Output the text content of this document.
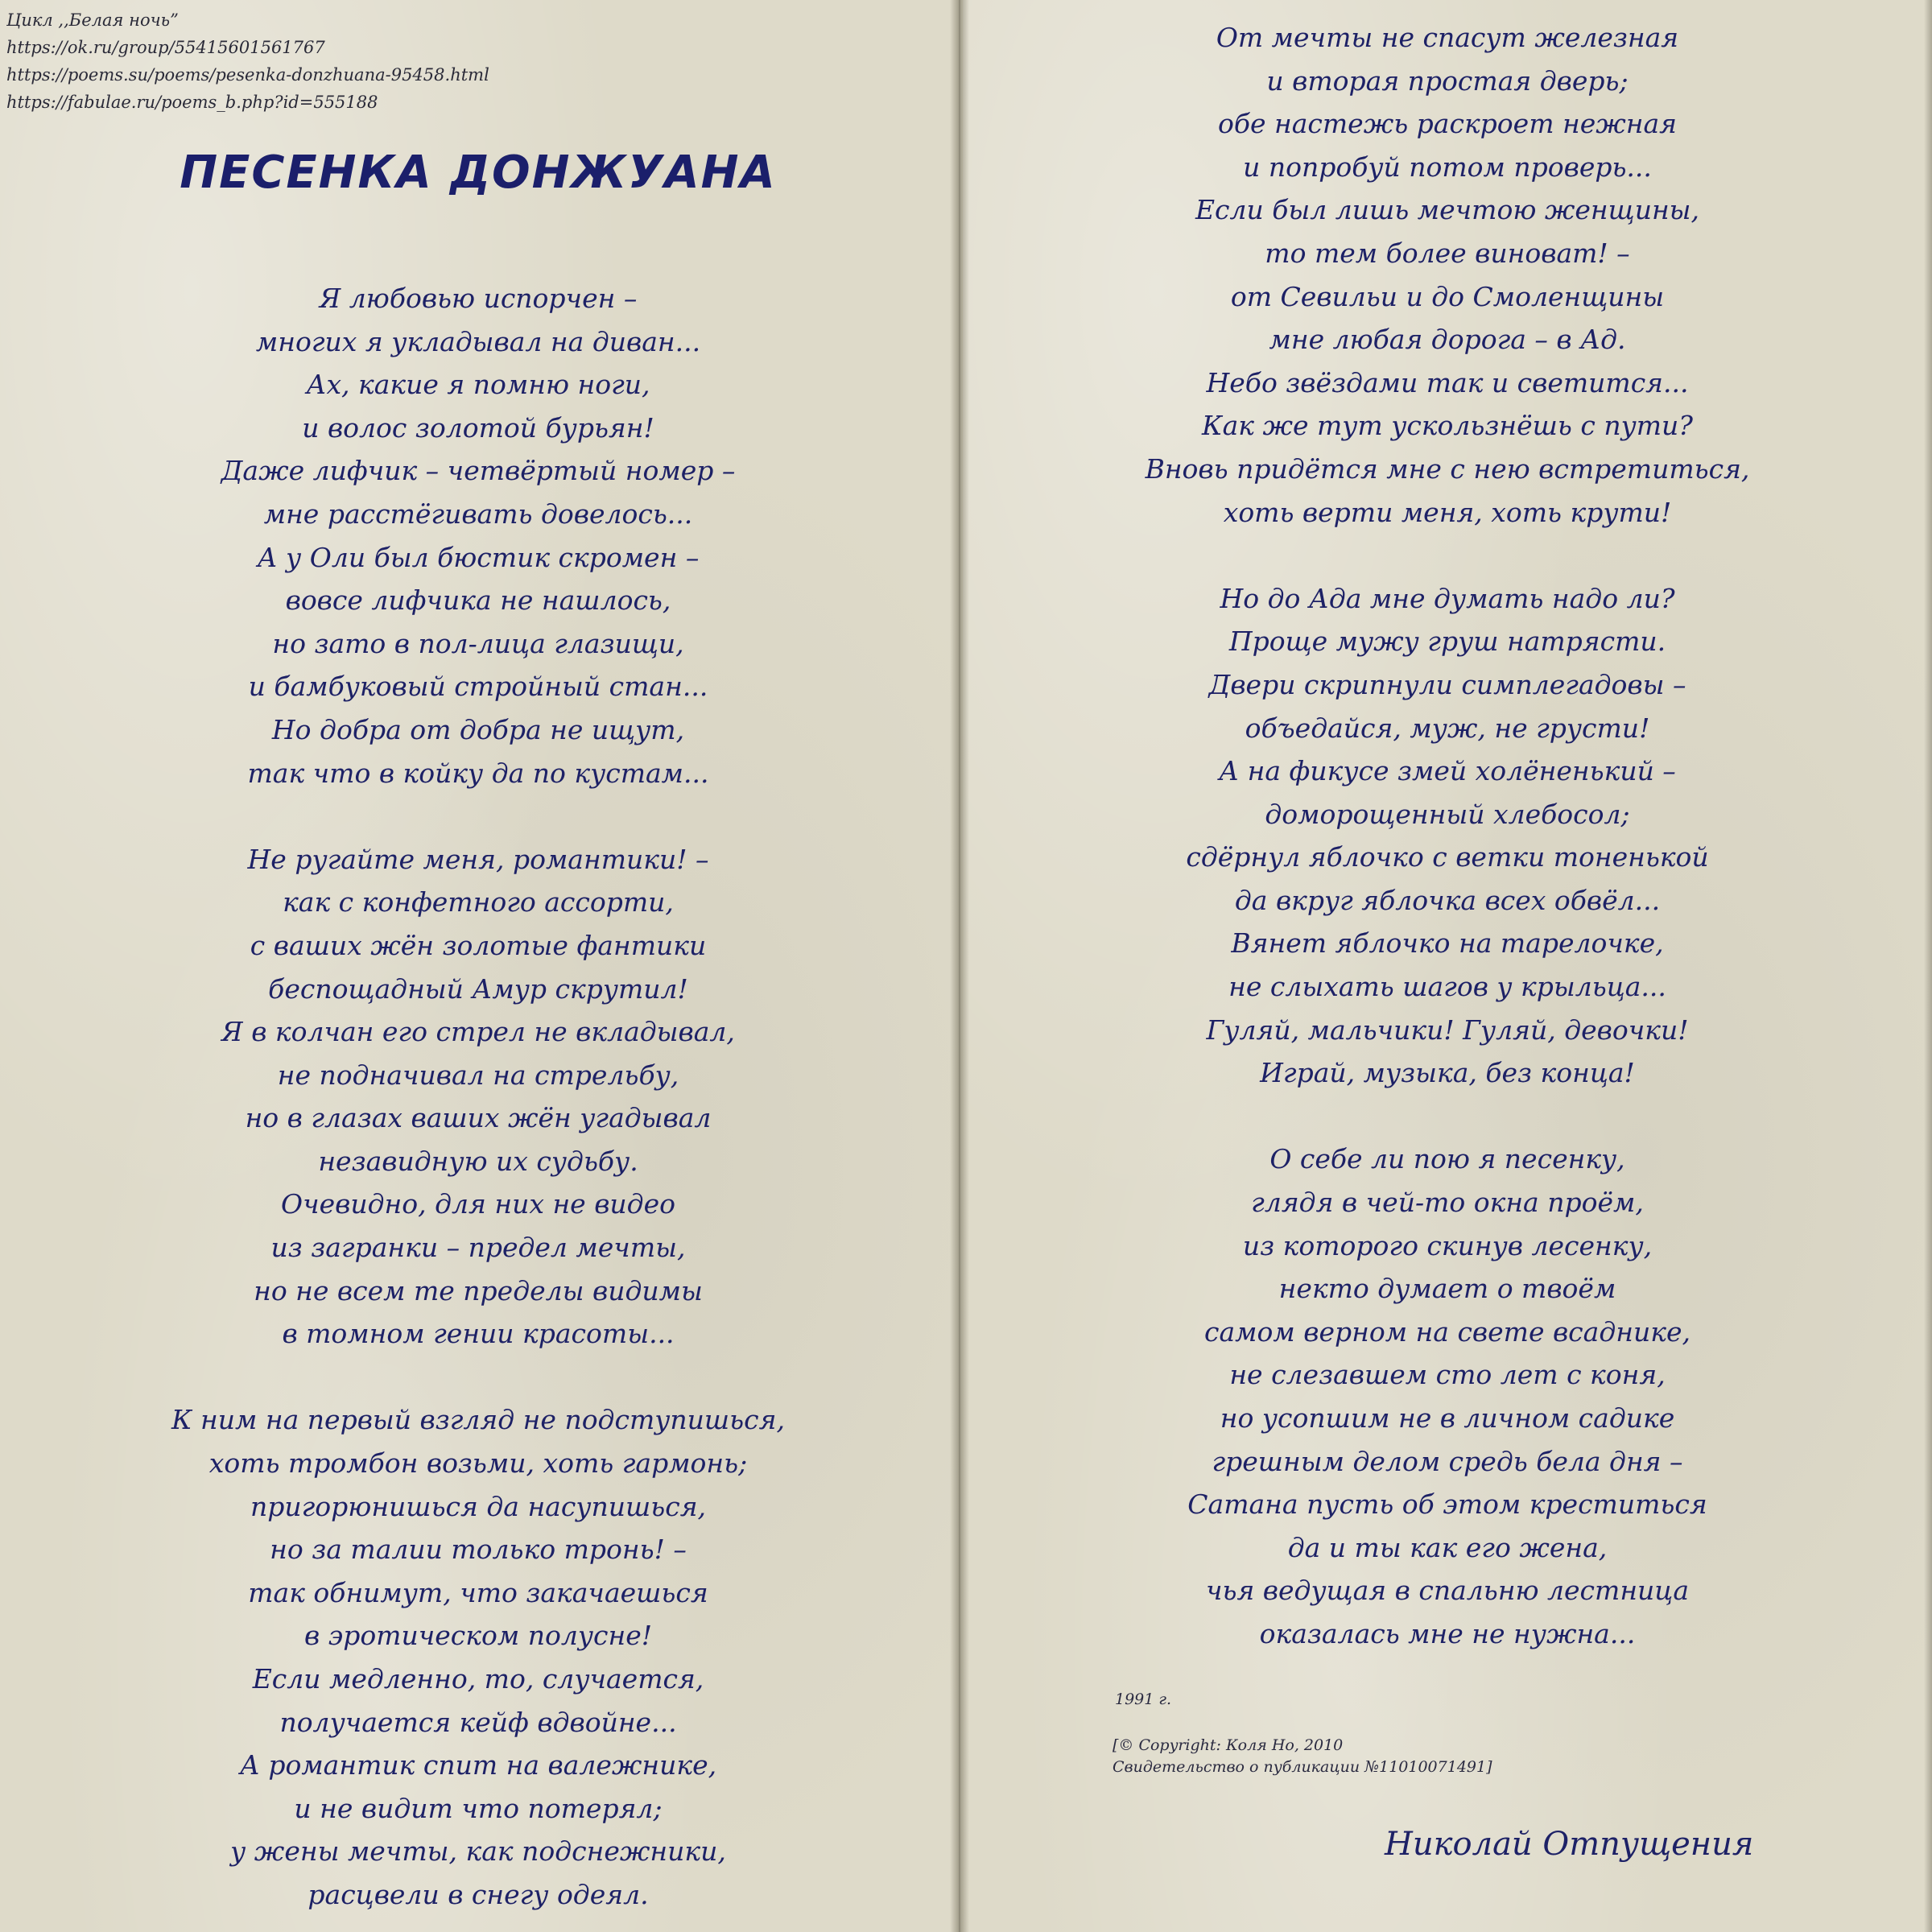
Цикл ,,Белая ночь”
https://ok.ru/group/55415601561767
https://poems.su/poems/pesenka-donzhuana-95458.html
https://fabulae.ru/poems_b.php?id=555188
ПЕСЕНКА ДОНЖУАНА
Я любовью испорчен –
многих я укладывал на диван...
Ах, какие я помню ноги,
и волос золотой бурьян!
Даже лифчик – четвёртый номер –
мне расстёгивать довелось...
А у Оли был бюстик скромен –
вовсе лифчика не нашлось,
но зато в пол-лица глазищи,
и бамбуковый стройный стан...
Но добра от добра не ищут,
так что в койку да по кустам...
Не ругайте меня, романтики! –
как с конфетного ассорти,
с ваших жён золотые фантики
беспощадный Амур скрутил!
Я в колчан его стрел не вкладывал,
не подначивал на стрельбу,
но в глазах ваших жён угадывал
незавидную их судьбу.
Очевидно, для них не видео
из загранки – предел мечты,
но не всем те пределы видимы
в томном гении красоты...
К ним на первый взгляд не подступишься,
хоть тромбон возьми, хоть гармонь;
пригорюнишься да насупишься,
но за талии только тронь! –
так обнимут, что закачаешься
в эротическом полусне!
Если медленно, то, случается,
получается кейф вдвойне...
А романтик спит на валежнике,
и не видит что потерял;
у жены мечты, как подснежники,
расцвели в снегу одеял.
От мечты не спасут железная
и вторая простая дверь;
обе настежь раскроет нежная
и попробуй потом проверь...
Если был лишь мечтою женщины,
то тем более виноват! –
от Севильи и до Смоленщины
мне любая дорога – в Ад.
Небо звёздами так и светится...
Как же тут ускользнёшь с пути?
Вновь придётся мне с нею встретиться,
хоть верти меня, хоть крути!
Но до Ада мне думать надо ли?
Проще мужу груш натрясти.
Двери скрипнули симплегадовы –
объедайся, муж, не грусти!
А на фикусе змей холёненький –
доморощенный хлебосол;
сдёрнул яблочко с ветки тоненькой
да вкруг яблочка всех обвёл...
Вянет яблочко на тарелочке,
не слыхать шагов у крыльца...
Гуляй, мальчики! Гуляй, девочки!
Играй, музыка, без конца!
О себе ли пою я песенку,
глядя в чей-то окна проём,
из которого скинув лесенку,
некто думает о твоём
самом верном на свете всаднике,
не слезавшем сто лет с коня,
но усопшим не в личном садике
грешным делом средь бела дня –
Сатана пусть об этом креститься
да и ты как его жена,
чья ведущая в спальню лестница
оказалась мне не нужна...
1991 г.
[© Copyright: Коля Но, 2010
Свидетельство о публикации №11010071491]
Николай Отпущения
